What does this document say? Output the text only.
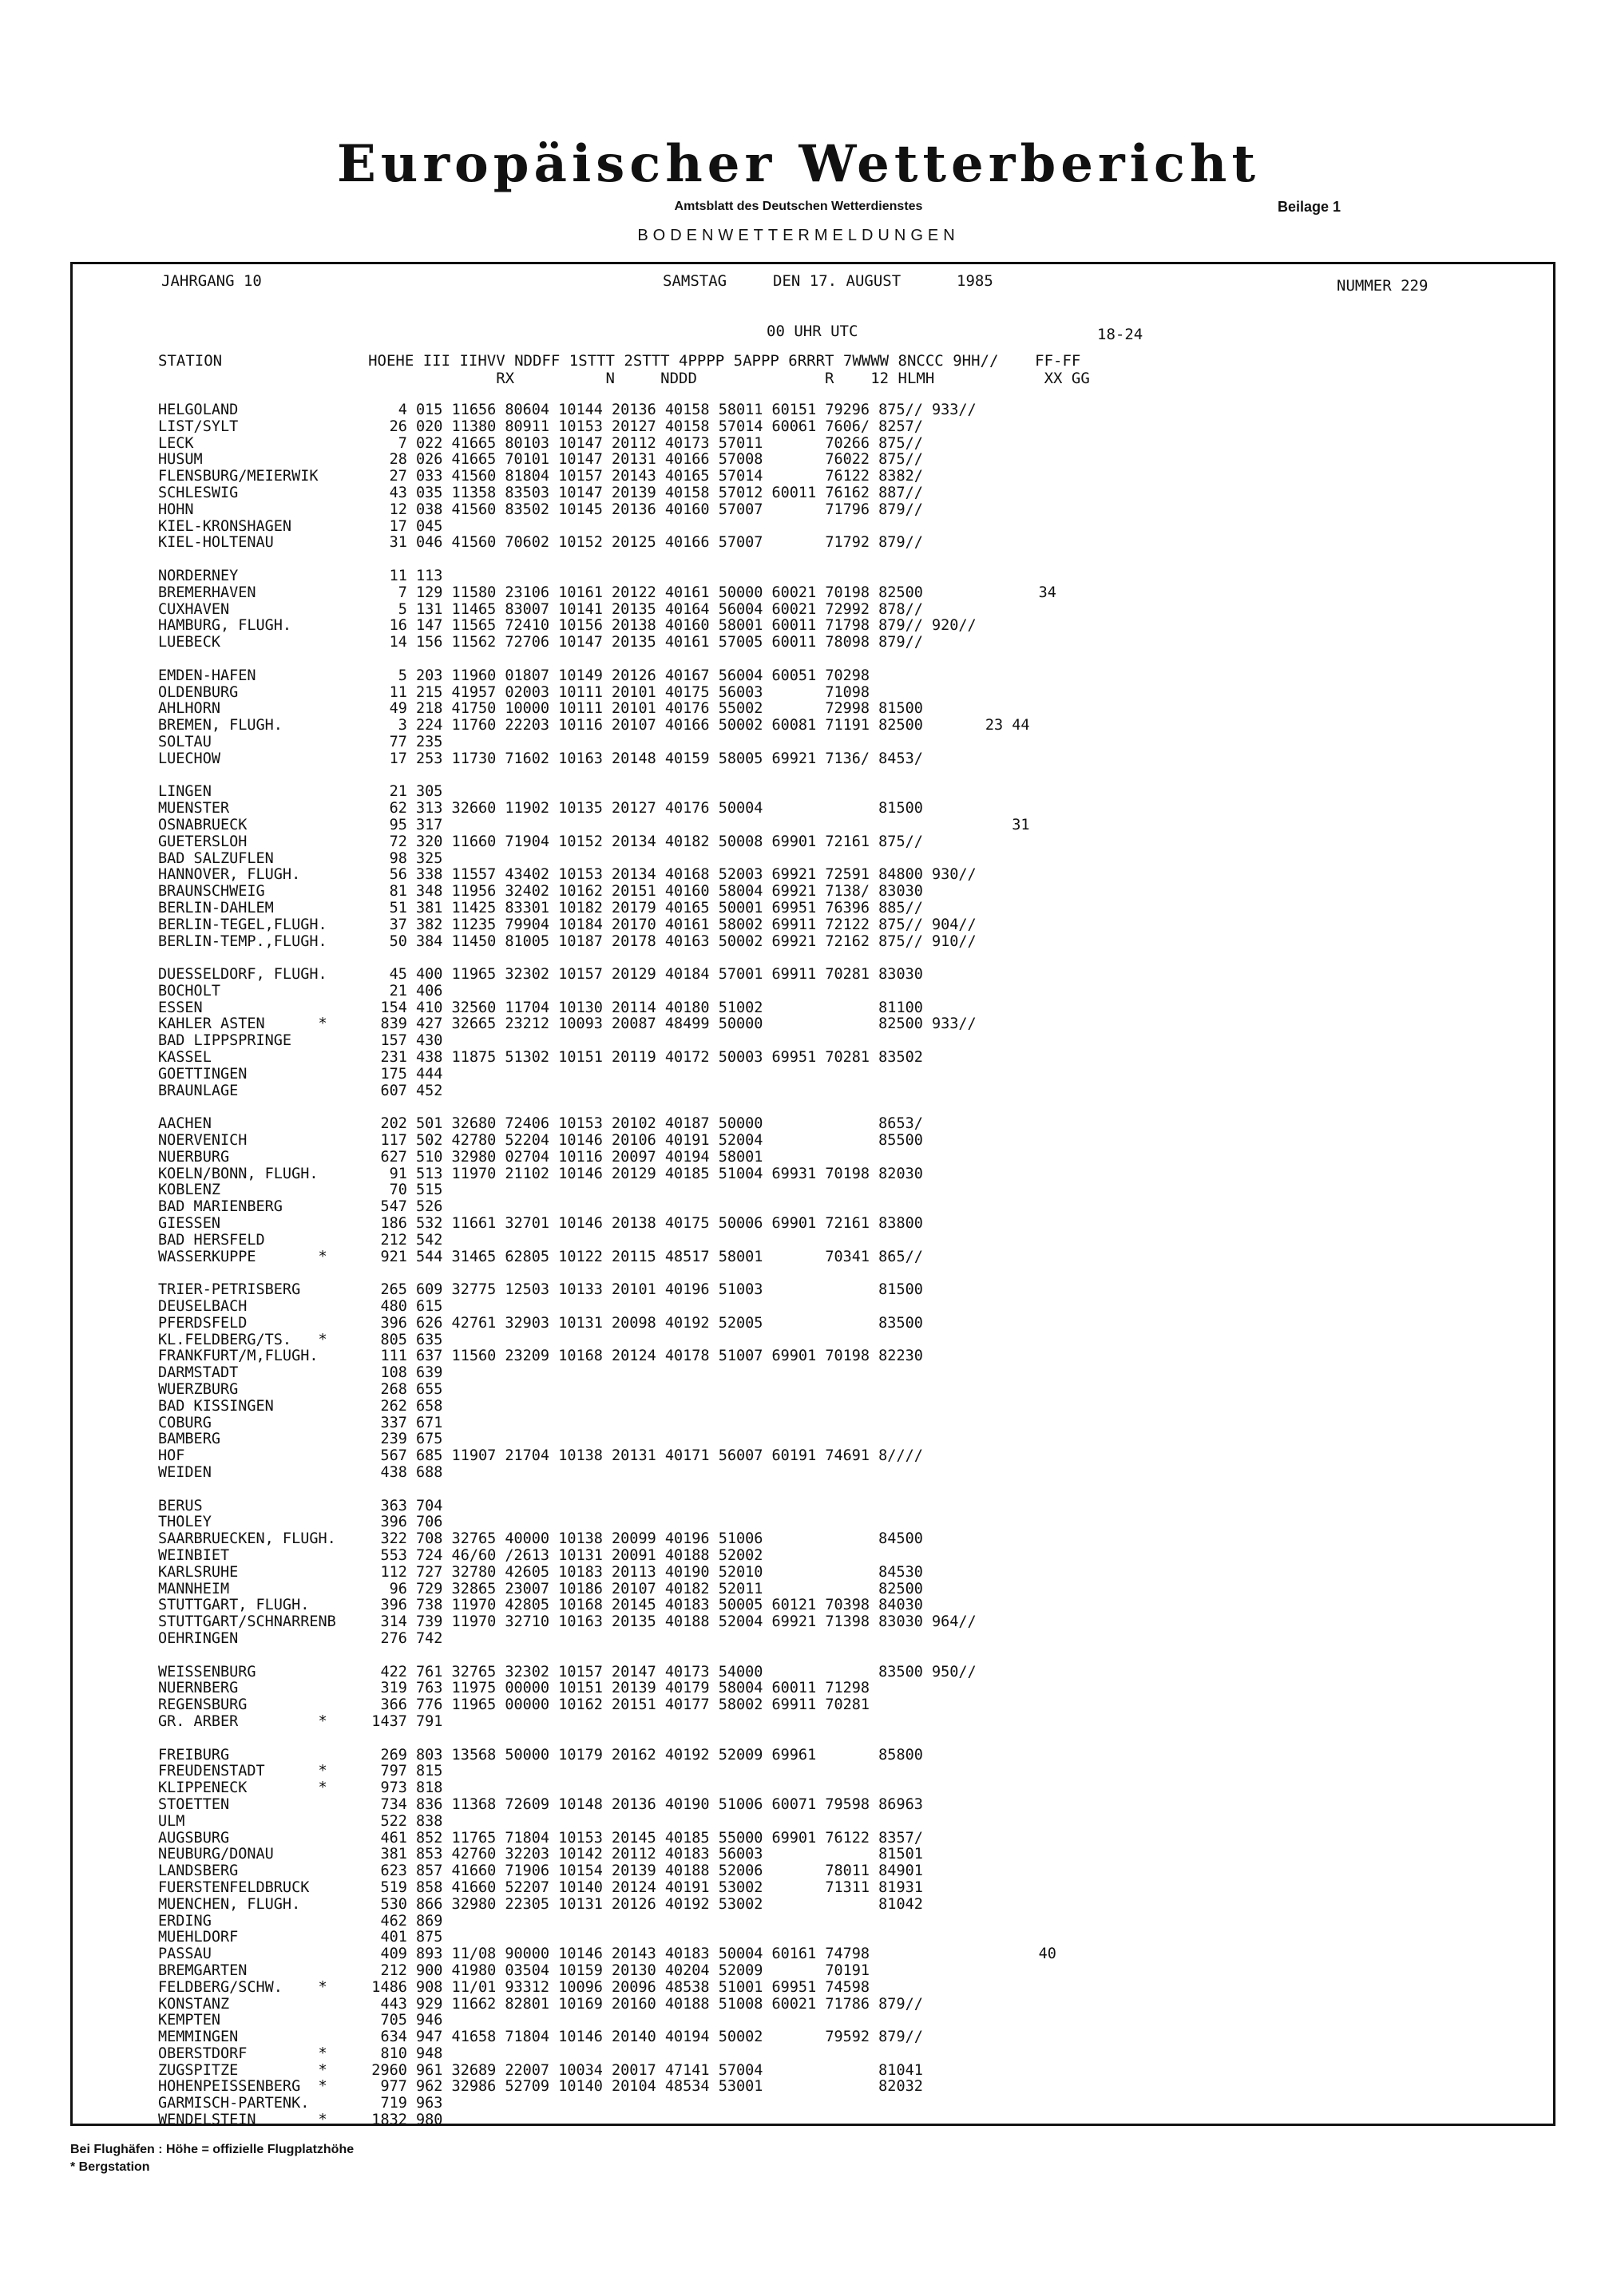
Europäischer Wetterbericht
Amtsblatt des Deutschen Wetterdienstes	Beilage 1
BODENWETTERMELDUNGEN
JAHRGANG 10	SAMSTAG	DEN 17. AUGUST	1985	NUMMER 229
00 UHR UTC	18-24
STATION                HOEHE III IIHVV NDDFF 1STTT 2STTT 4PPPP 5APPP 6RRRT 7WWWW 8NCCC 9HH//    FF-FF
RX          N     NDDD              R    12 HLMH            XX GG
HELGOLAND                  4 015 11656 80604 10144 20136 40158 58011 60151 79296 875// 933//
LIST/SYLT                 26 020 11380 80911 10153 20127 40158 57014 60061 7606/ 8257/
LECK                       7 022 41665 80103 10147 20112 40173 57011       70266 875//
HUSUM                     28 026 41665 70101 10147 20131 40166 57008       76022 875//
FLENSBURG/MEIERWIK        27 033 41560 81804 10157 20143 40165 57014       76122 8382/
SCHLESWIG                 43 035 11358 83503 10147 20139 40158 57012 60011 76162 887//
HOHN                      12 038 41560 83502 10145 20136 40160 57007       71796 879//
KIEL-KRONSHAGEN           17 045
KIEL-HOLTENAU             31 046 41560 70602 10152 20125 40166 57007       71792 879//
NORDERNEY                 11 113
BREMERHAVEN                7 129 11580 23106 10161 20122 40161 50000 60021 70198 82500             34
CUXHAVEN                   5 131 11465 83007 10141 20135 40164 56004 60021 72992 878//
HAMBURG, FLUGH.           16 147 11565 72410 10156 20138 40160 58001 60011 71798 879// 920//
LUEBECK                   14 156 11562 72706 10147 20135 40161 57005 60011 78098 879//
EMDEN-HAFEN                5 203 11960 01807 10149 20126 40167 56004 60051 70298
OLDENBURG                 11 215 41957 02003 10111 20101 40175 56003       71098
AHLHORN                   49 218 41750 10000 10111 20101 40176 55002       72998 81500
BREMEN, FLUGH.             3 224 11760 22203 10116 20107 40166 50002 60081 71191 82500       23 44
SOLTAU                    77 235
LUECHOW                   17 253 11730 71602 10163 20148 40159 58005 69921 7136/ 8453/
LINGEN                    21 305
MUENSTER                  62 313 32660 11902 10135 20127 40176 50004             81500
OSNABRUECK                95 317                                                                31
GUETERSLOH                72 320 11660 71904 10152 20134 40182 50008 69901 72161 875//
BAD SALZUFLEN             98 325
HANNOVER, FLUGH.          56 338 11557 43402 10153 20134 40168 52003 69921 72591 84800 930//
BRAUNSCHWEIG              81 348 11956 32402 10162 20151 40160 58004 69921 7138/ 83030
BERLIN-DAHLEM             51 381 11425 83301 10182 20179 40165 50001 69951 76396 885//
BERLIN-TEGEL,FLUGH.       37 382 11235 79904 10184 20170 40161 58002 69911 72122 875// 904//
BERLIN-TEMP.,FLUGH.       50 384 11450 81005 10187 20178 40163 50002 69921 72162 875// 910//
DUESSELDORF, FLUGH.       45 400 11965 32302 10157 20129 40184 57001 69911 70281 83030
BOCHOLT                   21 406
ESSEN                    154 410 32560 11704 10130 20114 40180 51002             81100
KAHLER ASTEN      *      839 427 32665 23212 10093 20087 48499 50000             82500 933//
BAD LIPPSPRINGE          157 430
KASSEL                   231 438 11875 51302 10151 20119 40172 50003 69951 70281 83502
GOETTINGEN               175 444
BRAUNLAGE                607 452
AACHEN                   202 501 32680 72406 10153 20102 40187 50000             8653/
NOERVENICH               117 502 42780 52204 10146 20106 40191 52004             85500
NUERBURG                 627 510 32980 02704 10116 20097 40194 58001
KOELN/BONN, FLUGH.        91 513 11970 21102 10146 20129 40185 51004 69931 70198 82030
KOBLENZ                   70 515
BAD MARIENBERG           547 526
GIESSEN                  186 532 11661 32701 10146 20138 40175 50006 69901 72161 83800
BAD HERSFELD             212 542
WASSERKUPPE       *      921 544 31465 62805 10122 20115 48517 58001       70341 865//
TRIER-PETRISBERG         265 609 32775 12503 10133 20101 40196 51003             81500
DEUSELBACH               480 615
PFERDSFELD               396 626 42761 32903 10131 20098 40192 52005             83500
KL.FELDBERG/TS.   *      805 635
FRANKFURT/M,FLUGH.       111 637 11560 23209 10168 20124 40178 51007 69901 70198 82230
DARMSTADT                108 639
WUERZBURG                268 655
BAD KISSINGEN            262 658
COBURG                   337 671
BAMBERG                  239 675
HOF                      567 685 11907 21704 10138 20131 40171 56007 60191 74691 8////
WEIDEN                   438 688
BERUS                    363 704
THOLEY                   396 706
SAARBRUECKEN, FLUGH.     322 708 32765 40000 10138 20099 40196 51006             84500
WEINBIET                 553 724 46/60 /2613 10131 20091 40188 52002
KARLSRUHE                112 727 32780 42605 10183 20113 40190 52010             84530
MANNHEIM                  96 729 32865 23007 10186 20107 40182 52011             82500
STUTTGART, FLUGH.        396 738 11970 42805 10168 20145 40183 50005 60121 70398 84030
STUTTGART/SCHNARRENB     314 739 11970 32710 10163 20135 40188 52004 69921 71398 83030 964//
OEHRINGEN                276 742
WEISSENBURG              422 761 32765 32302 10157 20147 40173 54000             83500 950//
NUERNBERG                319 763 11975 00000 10151 20139 40179 58004 60011 71298
REGENSBURG               366 776 11965 00000 10162 20151 40177 58002 69911 70281
GR. ARBER         *     1437 791
FREIBURG                 269 803 13568 50000 10179 20162 40192 52009 69961       85800
FREUDENSTADT      *      797 815
KLIPPENECK        *      973 818
STOETTEN                 734 836 11368 72609 10148 20136 40190 51006 60071 79598 86963
ULM                      522 838
AUGSBURG                 461 852 11765 71804 10153 20145 40185 55000 69901 76122 8357/
NEUBURG/DONAU            381 853 42760 32203 10142 20112 40183 56003             81501
LANDSBERG                623 857 41660 71906 10154 20139 40188 52006       78011 84901
FUERSTENFELDBRUCK        519 858 41660 52207 10140 20124 40191 53002       71311 81931
MUENCHEN, FLUGH.         530 866 32980 22305 10131 20126 40192 53002             81042
ERDING                   462 869
MUEHLDORF                401 875
PASSAU                   409 893 11/08 90000 10146 20143 40183 50004 60161 74798                   40
BREMGARTEN               212 900 41980 03504 10159 20130 40204 52009       70191
FELDBERG/SCHW.    *     1486 908 11/01 93312 10096 20096 48538 51001 69951 74598
KONSTANZ                 443 929 11662 82801 10169 20160 40188 51008 60021 71786 879//
KEMPTEN                  705 946
MEMMINGEN                634 947 41658 71804 10146 20140 40194 50002       79592 879//
OBERSTDORF        *      810 948
ZUGSPITZE         *     2960 961 32689 22007 10034 20017 47141 57004             81041
HOHENPEISSENBERG  *      977 962 32986 52709 10140 20104 48534 53001             82032
GARMISCH-PARTENK.        719 963
WENDELSTEIN       *     1832 980
Bei Flughäfen : Höhe = offizielle Flugplatzhöhe
* Bergstation
